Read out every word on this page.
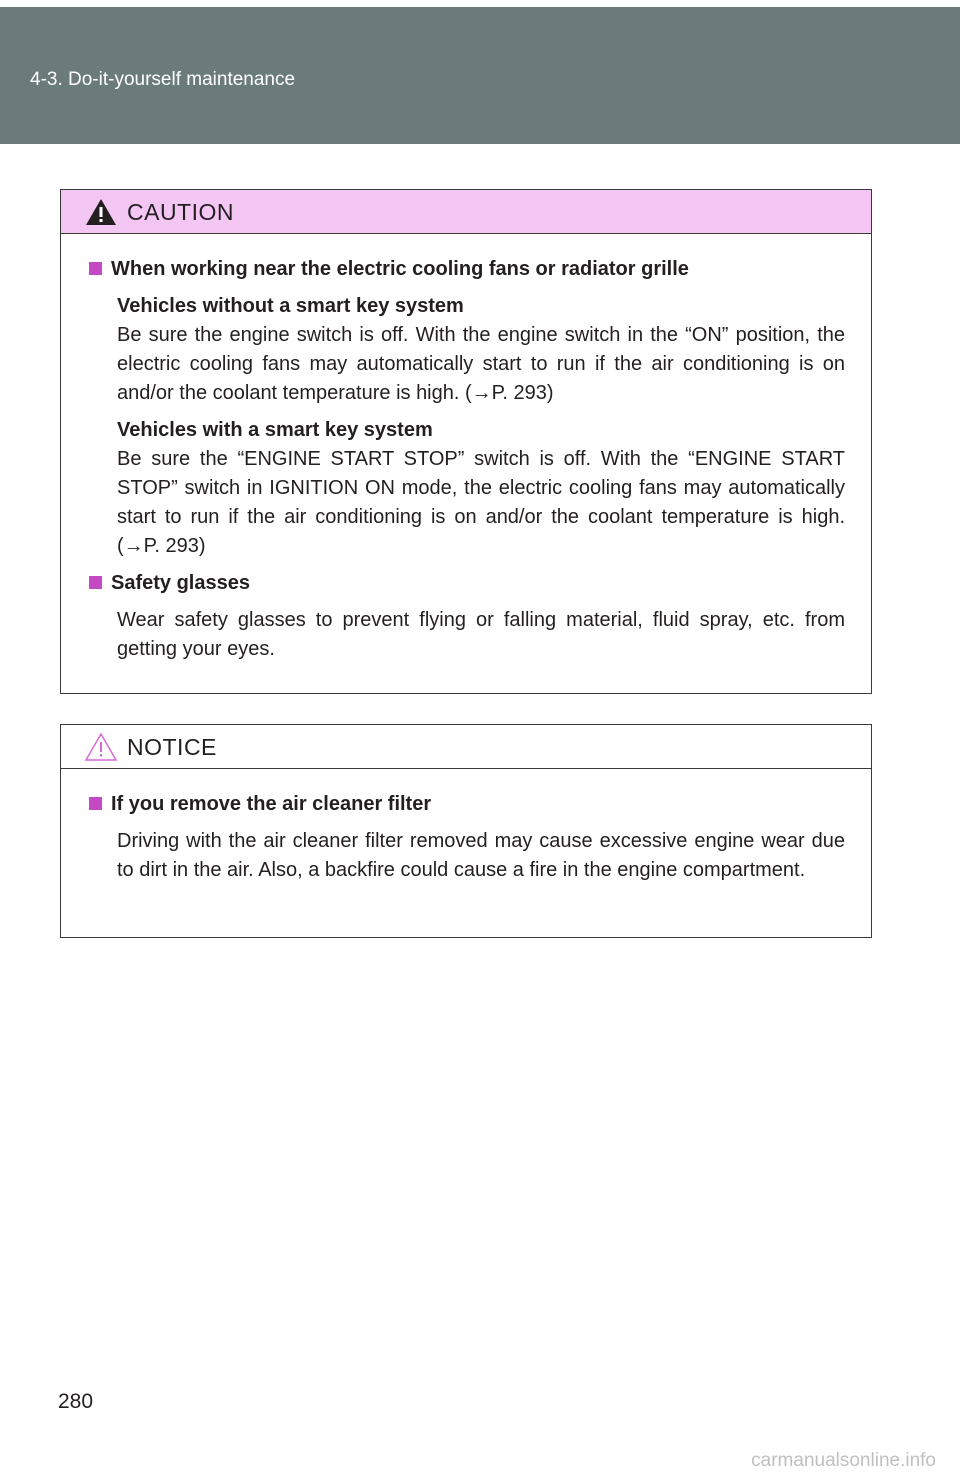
4-3. Do-it-yourself maintenance
CAUTION
When working near the electric cooling fans or radiator grille
Vehicles without a smart key system
Be sure the engine switch is off. With the engine switch in the “ON” position, the electric cooling fans may automatically start to run if the air conditioning is on and/or the coolant temperature is high. (→P. 293)
Vehicles with a smart key system
Be sure the “ENGINE START STOP” switch is off. With the “ENGINE START STOP” switch in IGNITION ON mode, the electric cooling fans may automatically start to run if the air conditioning is on and/or the coolant temperature is high. (→P. 293)
Safety glasses
Wear safety glasses to prevent flying or falling material, fluid spray, etc. from getting your eyes.
NOTICE
If you remove the air cleaner filter
Driving with the air cleaner filter removed may cause excessive engine wear due to dirt in the air. Also, a backfire could cause a fire in the engine compartment.
280
carmanualsonline.info
